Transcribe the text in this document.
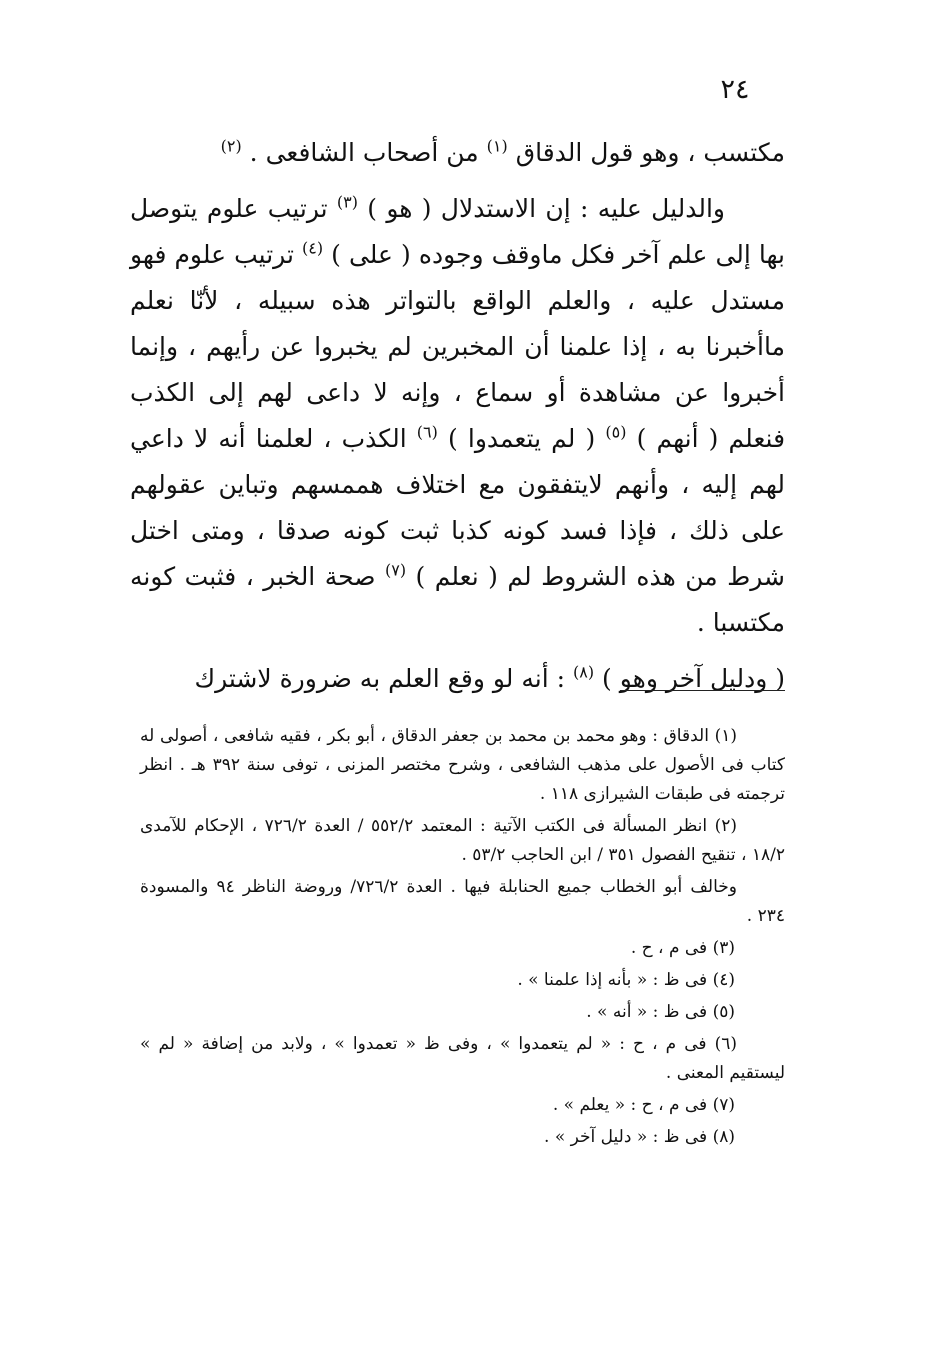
٢٤

مكتسب ، وهو قول الدقاق $^{(١)}$ من أصحاب الشافعى . $^{(٢)}$

والدليل عليه : إن الاستدلال ( هو ) $^{(٣)}$ ترتيب علوم يتوصل بها إلى علم آخر فكل ماوقف وجوده ( على ) $^{(٤)}$ ترتيب علوم فهو مستدل عليه ، والعلم الواقع بالتواتر هذه سبيله ، لأنّا نعلم ماأخبرنا به ، إذا علمنا أن المخبرين لم يخبروا عن رأيهم ، وإنما أخبروا عن مشاهدة أو سماع ، وإنه لا داعى لهم إلى الكذب فنعلم ( أنهم ) $^{(٥)}$ ( لم يتعمدوا ) $^{(٦)}$ الكذب ، لعلمنا أنه لا داعي لهم إليه ، وأنهم لايتفقون مع اختلاف هممسهم وتباين عقولهم على ذلك ، فإذا فسد كونه كذبا ثبت كونه صدقا ، ومتى اختل شرط من هذه الشروط لم ( نعلم ) $^{(٧)}$ صحة الخبر ، فثبت كونه مكتسبا .

( ودليل آخر وهو ) $^{(٨)}$ : أنه لو وقع العلم به ضرورة لاشترك

(١) الدقاق : وهو محمد بن محمد بن جعفر الدقاق ، أبو بكر ، فقيه شافعى ، أصولى له كتاب فى الأصول على مذهب الشافعى ، وشرح مختصر المزنى ، توفى سنة ٣٩٢ هـ . انظر ترجمته فى طبقات الشيرازى ١١٨ .

(٢) انظر المسألة فى الكتب الآتية : المعتمد ٥٥٢/٢ / العدة ٧٢٦/٢ ، الإحكام للآمدى ١٨/٢ ، تنقيح الفصول ٣٥١ / ابن الحاجب ٥٣/٢ .

وخالف أبو الخطاب جميع الحنابلة فيها . العدة ٧٢٦/٢/ وروضة الناظر ٩٤ والمسودة ٢٣٤ .

(٣) فى م ، ح .

(٤) فى ظ : « بأنه إذا علمنا » .

(٥) فى ظ : « أنه » .

(٦) فى م ، ح : « لم يتعمدوا » ، وفى ظ « تعمدوا » ، ولابد من إضافة « لم » ليستقيم المعنى .

(٧) فى م ، ح : « يعلم » .

(٨) فى ظ : « دليل آخر » .
